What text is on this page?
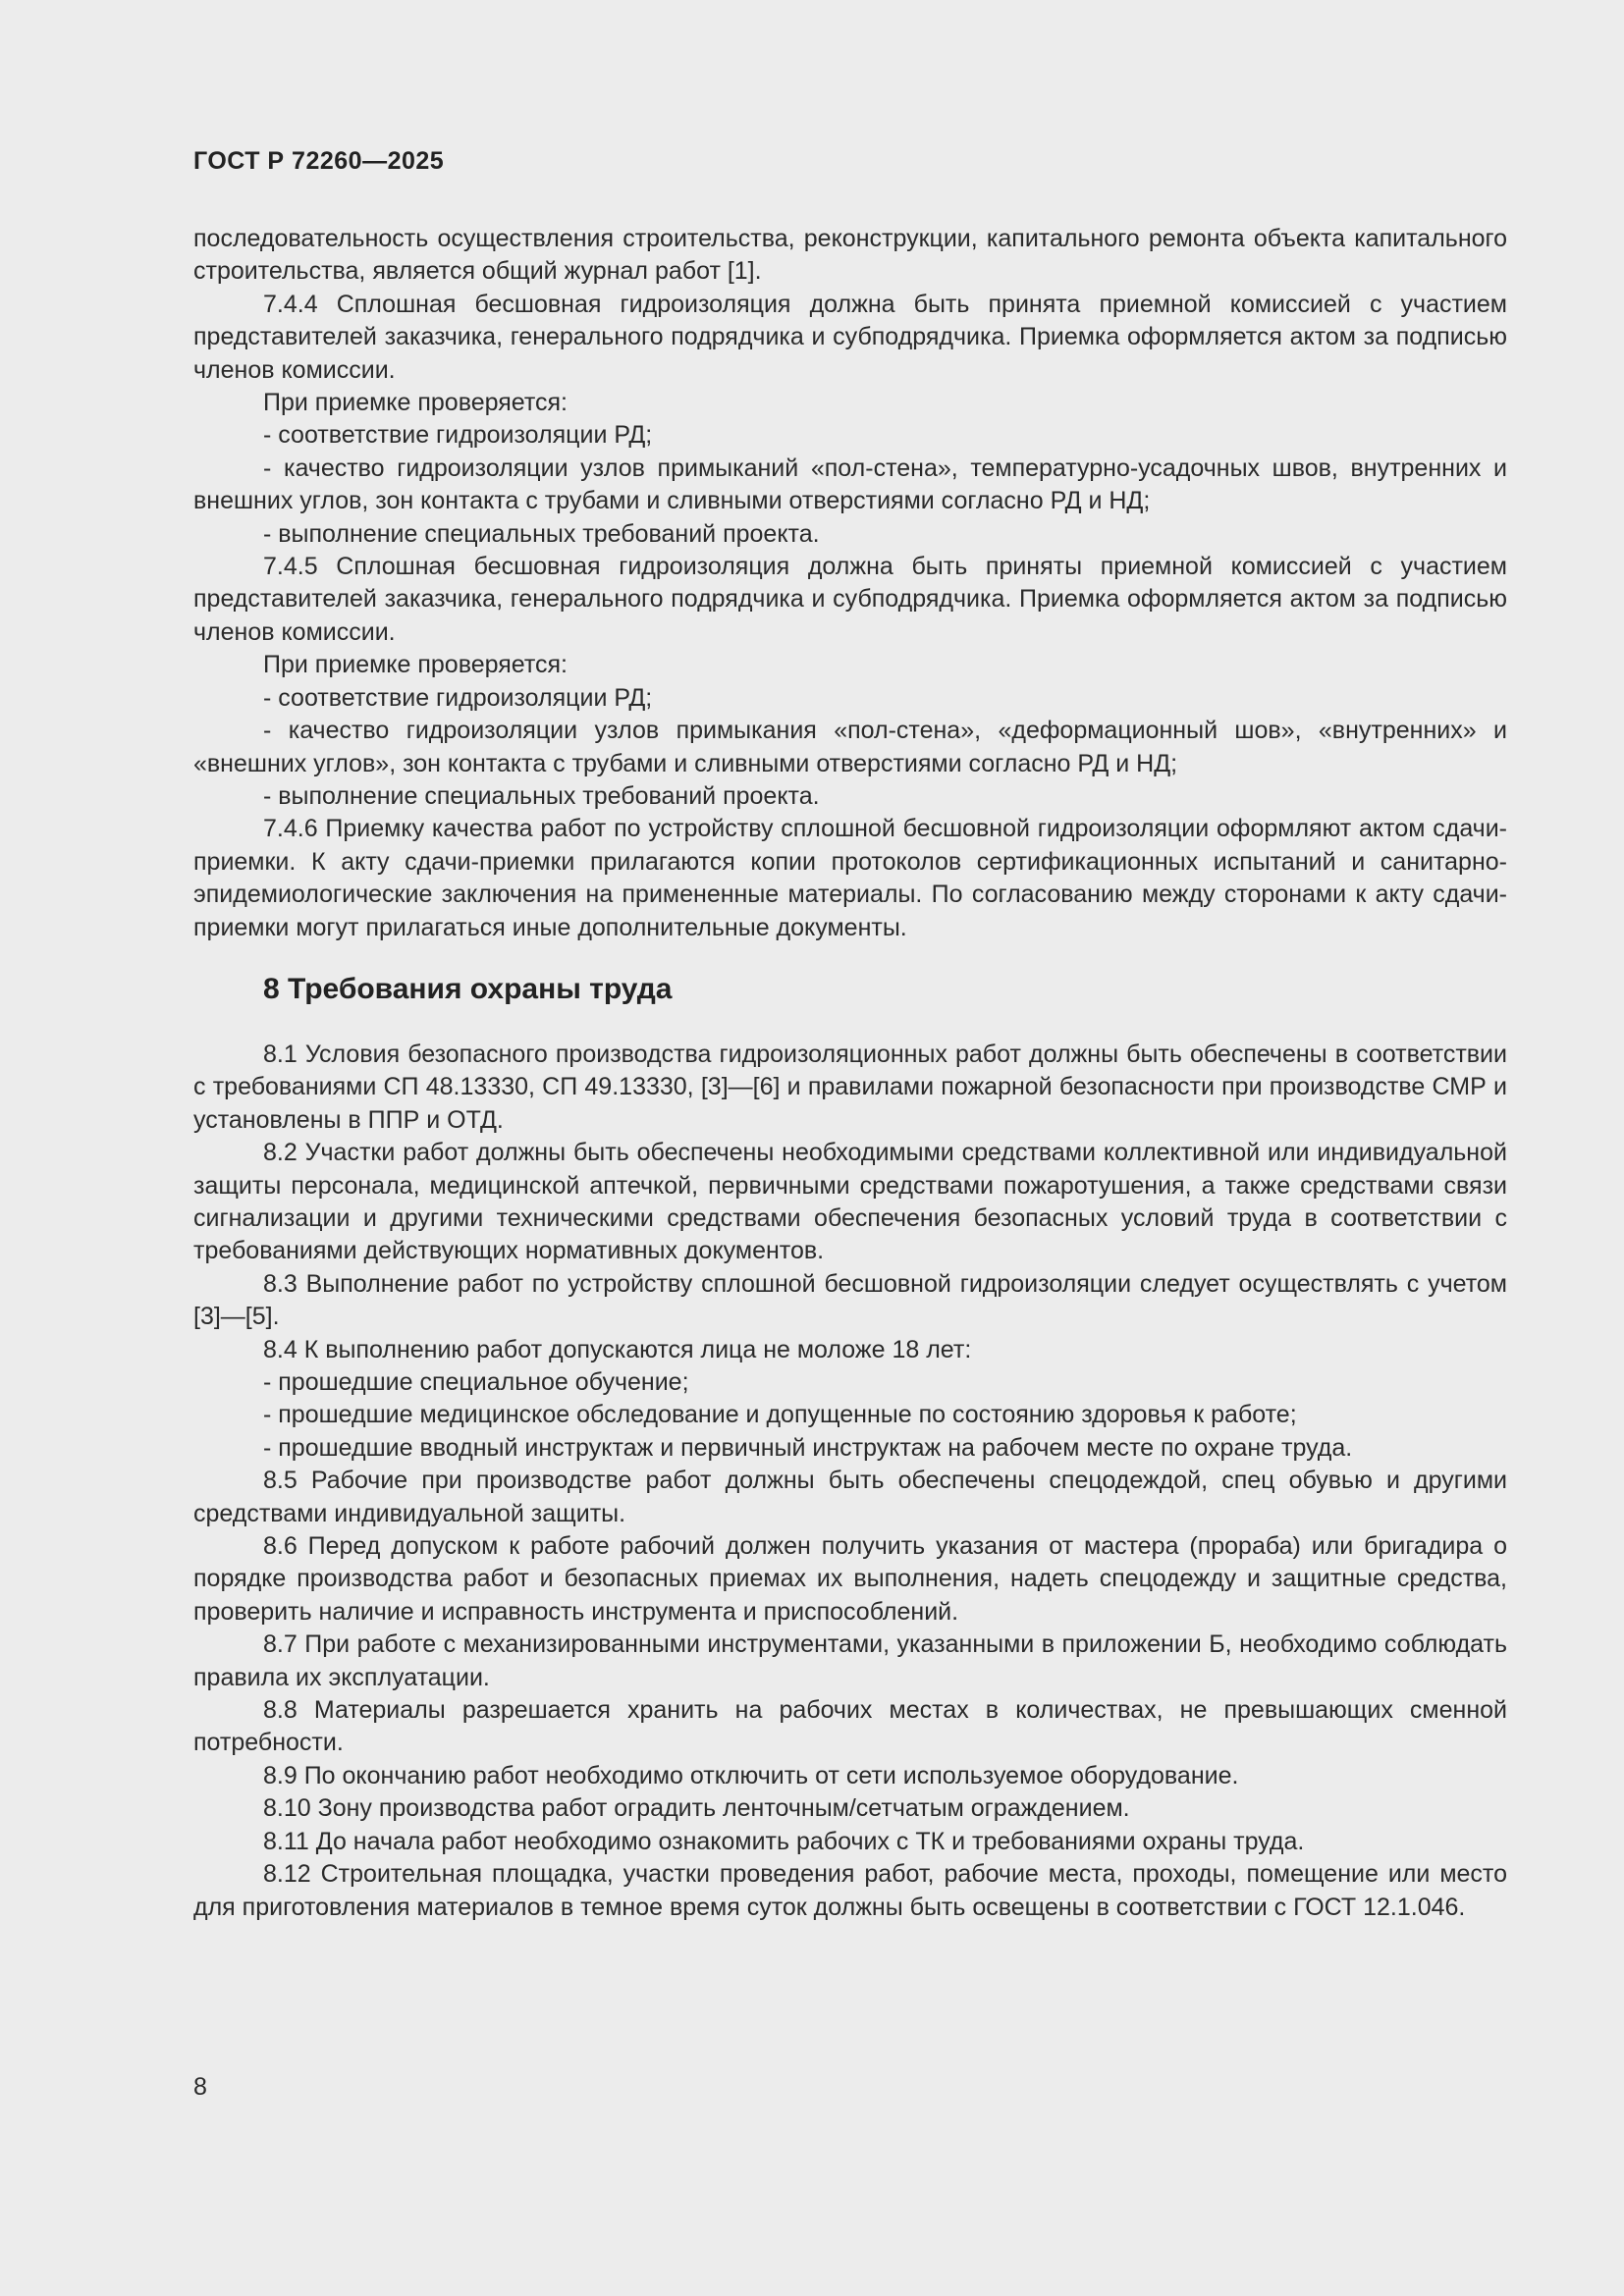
ГОСТ Р 72260—2025

последовательность осуществления строительства, реконструкции, капитального ремонта объекта капитального строительства, является общий журнал работ [1].

7.4.4 Сплошная бесшовная гидроизоляция должна быть принята приемной комиссией с участием представителей заказчика, генерального подрядчика и субподрядчика. Приемка оформляется актом за подписью членов комиссии.

При приемке проверяется:

- соответствие гидроизоляции РД;

- качество гидроизоляции узлов примыканий «пол-стена», температурно-усадочных швов, внутренних и внешних углов, зон контакта с трубами и сливными отверстиями согласно РД и НД;

- выполнение специальных требований проекта.

7.4.5 Сплошная бесшовная гидроизоляция должна быть приняты приемной комиссией с участием представителей заказчика, генерального подрядчика и субподрядчика. Приемка оформляется актом за подписью членов комиссии.

При приемке проверяется:

- соответствие гидроизоляции РД;

- качество гидроизоляции узлов примыкания «пол-стена», «деформационный шов», «внутренних» и «внешних углов», зон контакта с трубами и сливными отверстиями согласно РД и НД;

- выполнение специальных требований проекта.

7.4.6 Приемку качества работ по устройству сплошной бесшовной гидроизоляции оформляют актом сдачи-приемки. К акту сдачи-приемки прилагаются копии протоколов сертификационных испытаний и санитарно-эпидемиологические заключения на примененные материалы. По согласованию между сторонами к акту сдачи-приемки могут прилагаться иные дополнительные документы.

8 Требования охраны труда

8.1 Условия безопасного производства гидроизоляционных работ должны быть обеспечены в соответствии с требованиями СП 48.13330, СП 49.13330, [3]—[6] и правилами пожарной безопасности при производстве СМР и установлены в ППР и ОТД.

8.2 Участки работ должны быть обеспечены необходимыми средствами коллективной или индивидуальной защиты персонала, медицинской аптечкой, первичными средствами пожаротушения, а также средствами связи сигнализации и другими техническими средствами обеспечения безопасных условий труда в соответствии с требованиями действующих нормативных документов.

8.3 Выполнение работ по устройству сплошной бесшовной гидроизоляции следует осуществлять с учетом [3]—[5].

8.4 К выполнению работ допускаются лица не моложе 18 лет:

- прошедшие специальное обучение;

- прошедшие медицинское обследование и допущенные по состоянию здоровья к работе;

- прошедшие вводный инструктаж и первичный инструктаж на рабочем месте по охране труда.

8.5 Рабочие при производстве работ должны быть обеспечены спецодеждой, спец обувью и другими средствами индивидуальной защиты.

8.6 Перед допуском к работе рабочий должен получить указания от мастера (прораба) или бригадира о порядке производства работ и безопасных приемах их выполнения, надеть спецодежду и защитные средства, проверить наличие и исправность инструмента и приспособлений.

8.7 При работе с механизированными инструментами, указанными в приложении Б, необходимо соблюдать правила их эксплуатации.

8.8 Материалы разрешается хранить на рабочих местах в количествах, не превышающих сменной потребности.

8.9 По окончанию работ необходимо отключить от сети используемое оборудование.

8.10 Зону производства работ оградить ленточным/сетчатым ограждением.

8.11 До начала работ необходимо ознакомить рабочих с ТК и требованиями охраны труда.

8.12 Строительная площадка, участки проведения работ, рабочие места, проходы, помещение или место для приготовления материалов в темное время суток должны быть освещены в соответствии с ГОСТ 12.1.046.

8
